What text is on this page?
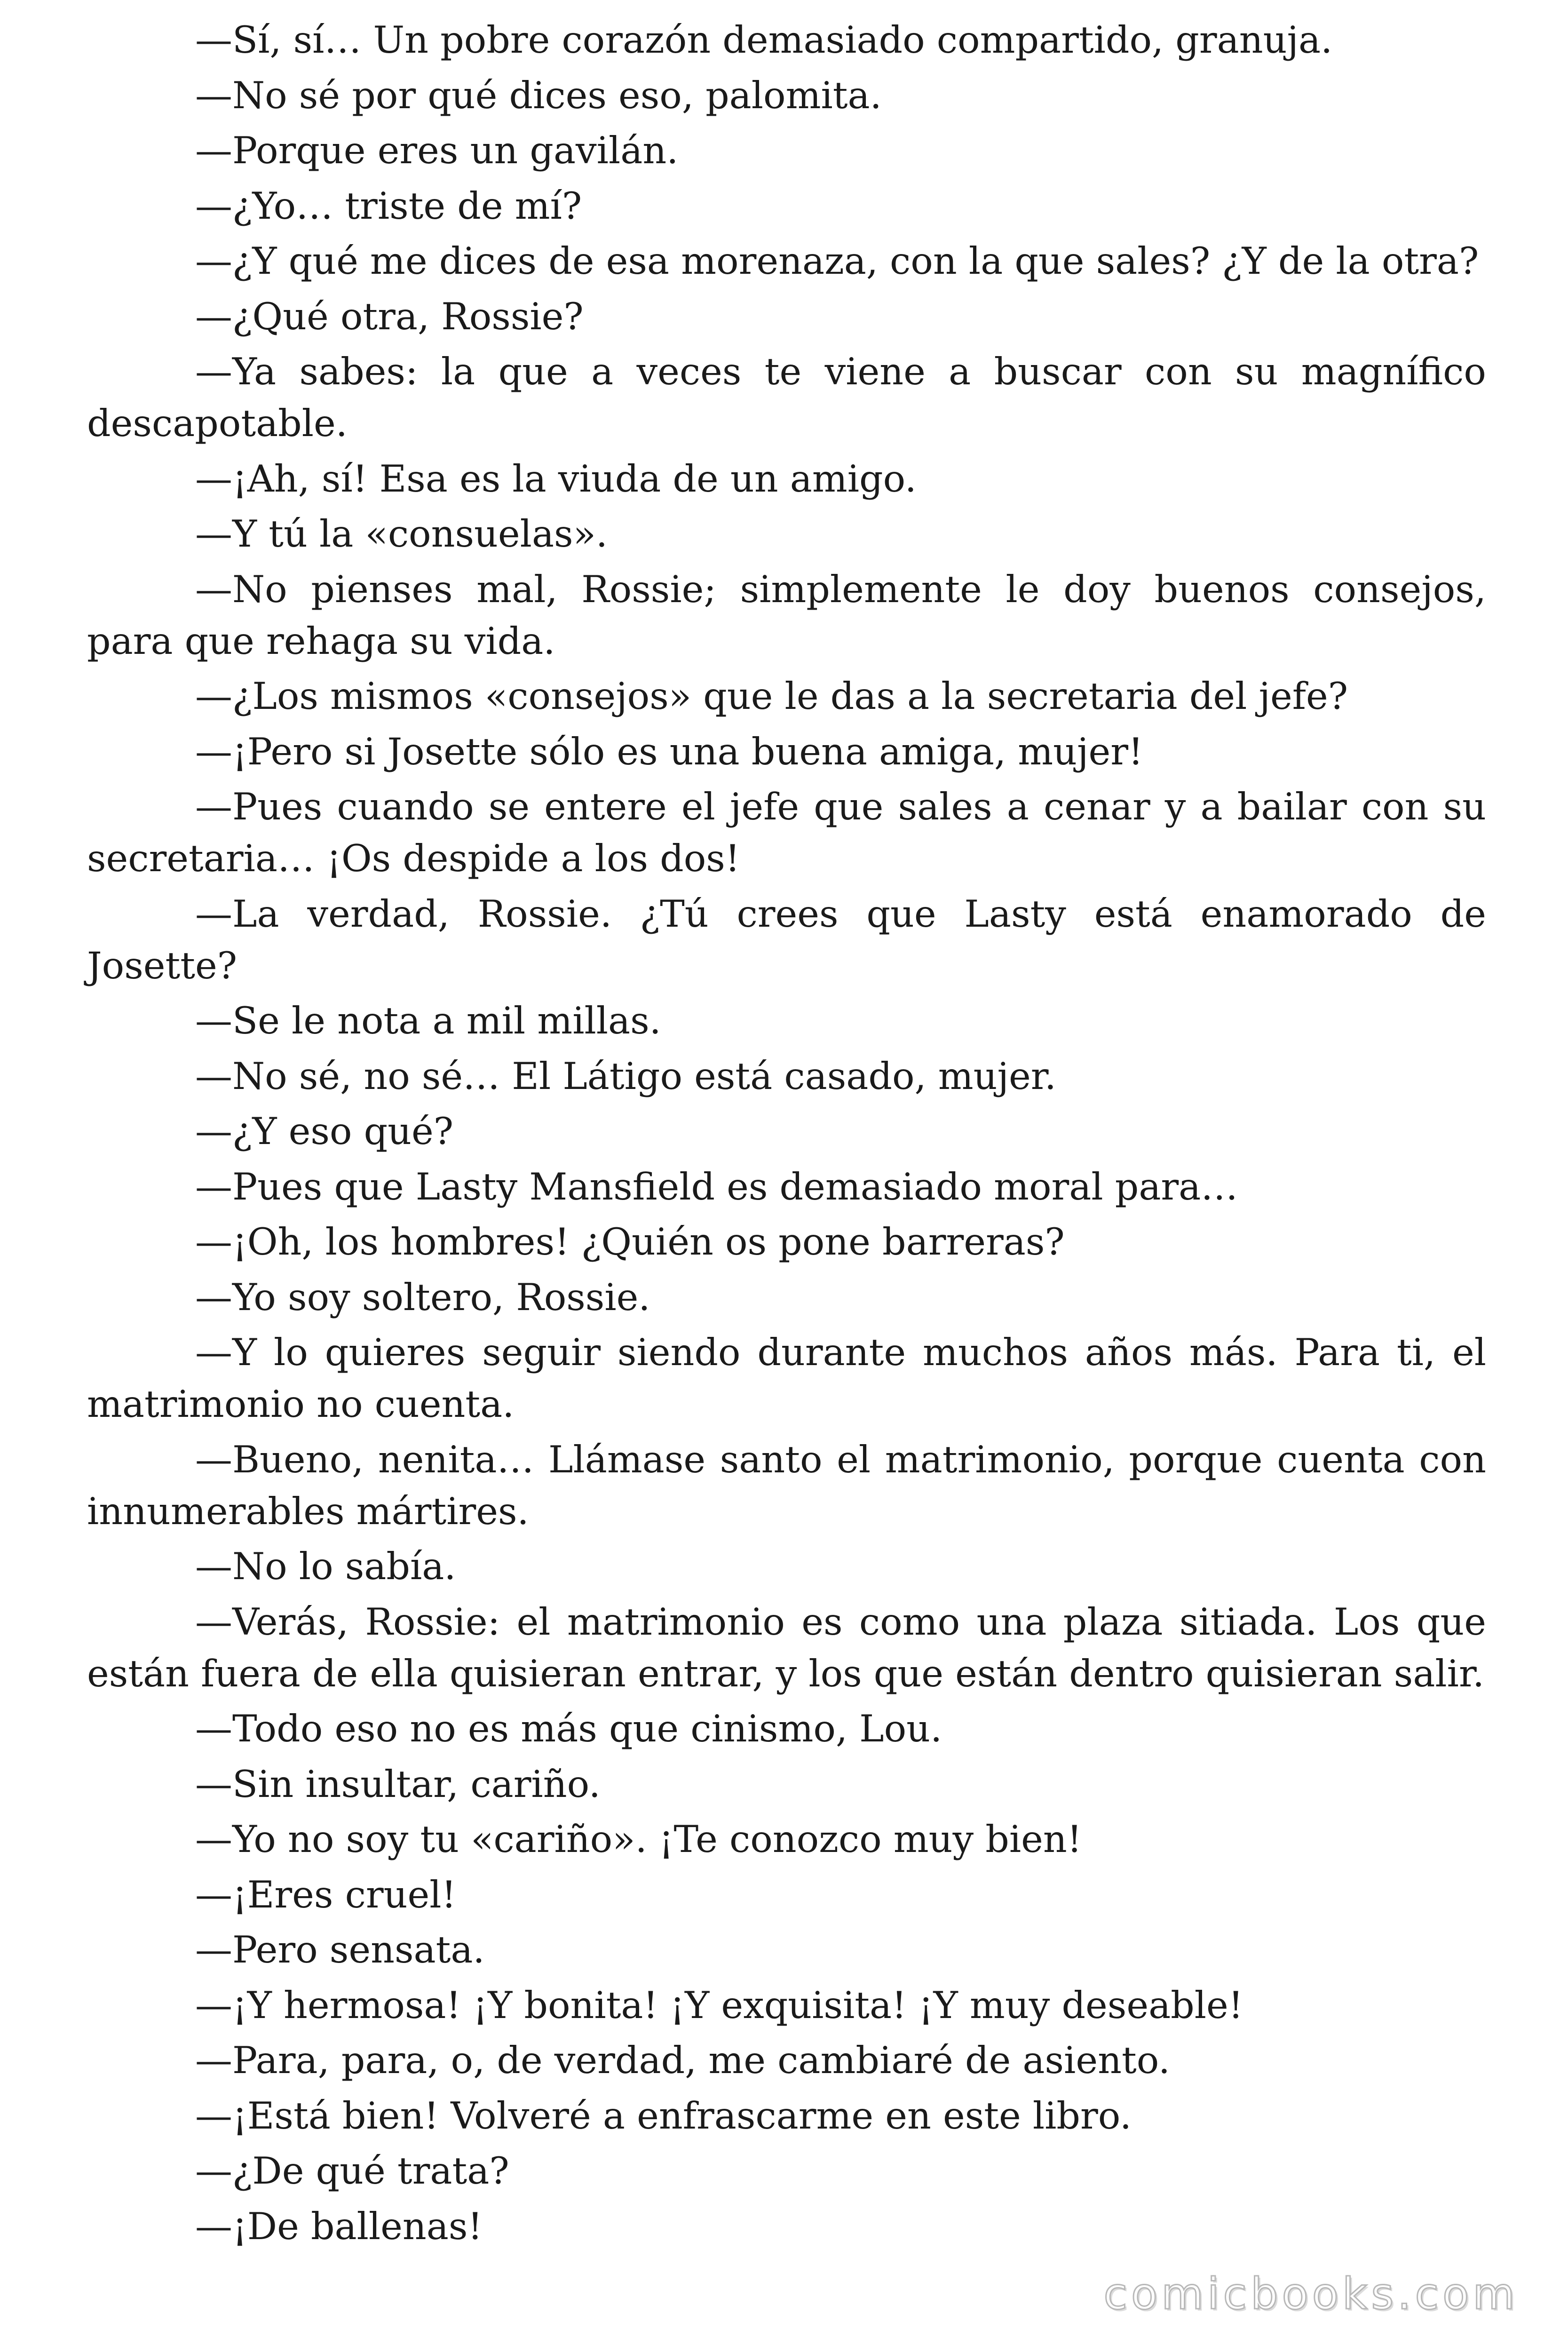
—Sí, sí… Un pobre corazón demasiado compartido, granuja.

—No sé por qué dices eso, palomita.

—Porque eres un gavilán.

—¿Yo… triste de mí?

—¿Y qué me dices de esa morenaza, con la que sales? ¿Y de la otra?

—¿Qué otra, Rossie?

—Ya sabes: la que a veces te viene a buscar con su magnífico descapotable.

—¡Ah, sí! Esa es la viuda de un amigo.

—Y tú la «consuelas».

—No pienses mal, Rossie; simplemente le doy buenos consejos, para que rehaga su vida.

—¿Los mismos «consejos» que le das a la secretaria del jefe?

—¡Pero si Josette sólo es una buena amiga, mujer!

—Pues cuando se entere el jefe que sales a cenar y a bailar con su secretaria… ¡Os despide a los dos!

—La verdad, Rossie. ¿Tú crees que Lasty está enamorado de Josette?

—Se le nota a mil millas.

—No sé, no sé… El Látigo está casado, mujer.

—¿Y eso qué?

—Pues que Lasty Mansfield es demasiado moral para…

—¡Oh, los hombres! ¿Quién os pone barreras?

—Yo soy soltero, Rossie.

—Y lo quieres seguir siendo durante muchos años más. Para ti, el matrimonio no cuenta.

—Bueno, nenita… Llámase santo el matrimonio, porque cuenta con innumerables mártires.

—No lo sabía.

—Verás, Rossie: el matrimonio es como una plaza sitiada. Los que están fuera de ella quisieran entrar, y los que están dentro quisieran salir.

—Todo eso no es más que cinismo, Lou.

—Sin insultar, cariño.

—Yo no soy tu «cariño». ¡Te conozco muy bien!

—¡Eres cruel!

—Pero sensata.

—¡Y hermosa! ¡Y bonita! ¡Y exquisita! ¡Y muy deseable!

—Para, para, o, de verdad, me cambiaré de asiento.

—¡Está bien! Volveré a enfrascarme en este libro.

—¿De qué trata?

—¡De ballenas!

comicbooks.com
